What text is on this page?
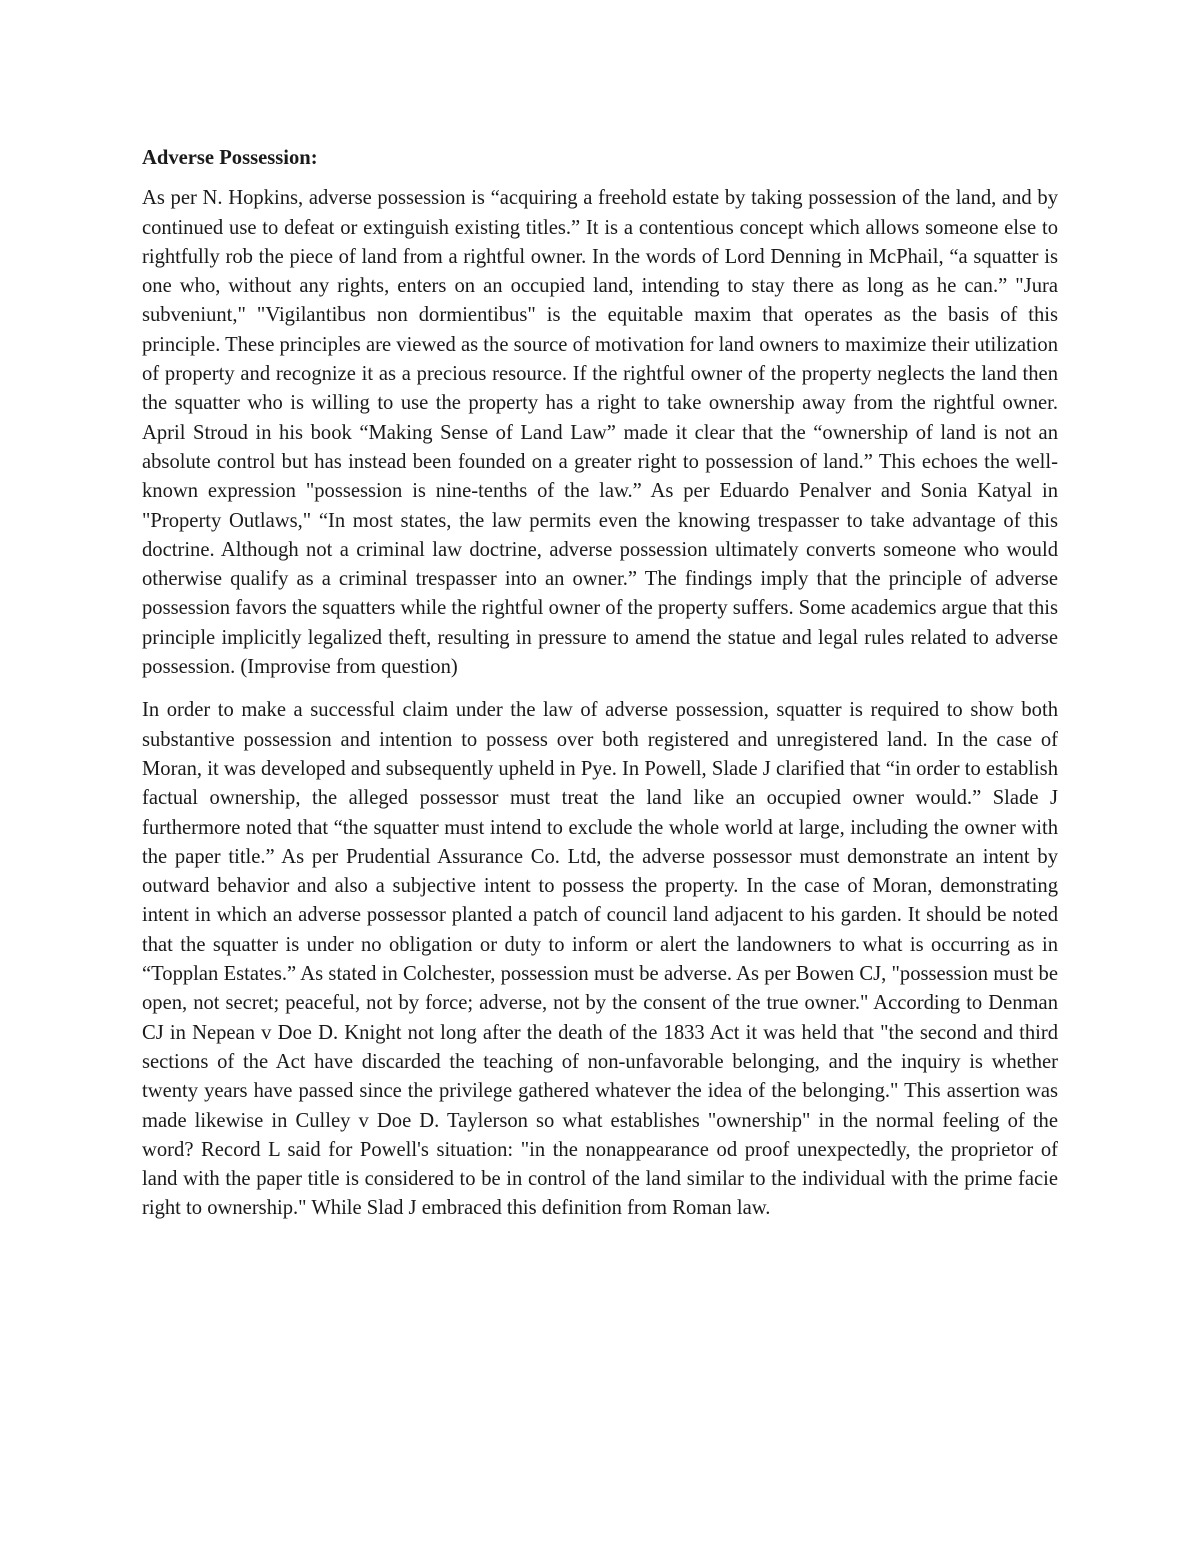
Adverse Possession:

As per N. Hopkins, adverse possession is “acquiring a freehold estate by taking possession of the land, and by continued use to defeat or extinguish existing titles.” It is a contentious concept which allows someone else to rightfully rob the piece of land from a rightful owner. In the words of Lord Denning in McPhail, “a squatter is one who, without any rights, enters on an occupied land, intending to stay there as long as he can.” "Jura subveniunt," "Vigilantibus non dormientibus" is the equitable maxim that operates as the basis of this principle. These principles are viewed as the source of motivation for land owners to maximize their utilization of property and recognize it as a precious resource. If the rightful owner of the property neglects the land then the squatter who is willing to use the property has a right to take ownership away from the rightful owner. April Stroud in his book “Making Sense of Land Law” made it clear that the “ownership of land is not an absolute control but has instead been founded on a greater right to possession of land.” This echoes the well-known expression "possession is nine-tenths of the law.” As per Eduardo Penalver and Sonia Katyal in "Property Outlaws," “In most states, the law permits even the knowing trespasser to take advantage of this doctrine. Although not a criminal law doctrine, adverse possession ultimately converts someone who would otherwise qualify as a criminal trespasser into an owner.” The findings imply that the principle of adverse possession favors the squatters while the rightful owner of the property suffers. Some academics argue that this principle implicitly legalized theft, resulting in pressure to amend the statue and legal rules related to adverse possession. (Improvise from question)

In order to make a successful claim under the law of adverse possession, squatter is required to show both substantive possession and intention to possess over both registered and unregistered land. In the case of Moran, it was developed and subsequently upheld in Pye. In Powell, Slade J clarified that “in order to establish factual ownership, the alleged possessor must treat the land like an occupied owner would.” Slade J furthermore noted that “the squatter must intend to exclude the whole world at large, including the owner with the paper title.” As per Prudential Assurance Co. Ltd, the adverse possessor must demonstrate an intent by outward behavior and also a subjective intent to possess the property. In the case of Moran, demonstrating intent in which an adverse possessor planted a patch of council land adjacent to his garden. It should be noted that the squatter is under no obligation or duty to inform or alert the landowners to what is occurring as in “Topplan Estates.” As stated in Colchester, possession must be adverse. As per Bowen CJ, "possession must be open, not secret; peaceful, not by force; adverse, not by the consent of the true owner." According to Denman CJ in Nepean v Doe D. Knight not long after the death of the 1833 Act it was held that "the second and third sections of the Act have discarded the teaching of non-unfavorable belonging, and the inquiry is whether twenty years have passed since the privilege gathered whatever the idea of the belonging." This assertion was made likewise in Culley v Doe D. Taylerson so what establishes "ownership" in the normal feeling of the word? Record L said for Powell's situation: "in the nonappearance od proof unexpectedly, the proprietor of land with the paper title is considered to be in control of the land similar to the individual with the prime facie right to ownership." While Slad J embraced this definition from Roman law.
